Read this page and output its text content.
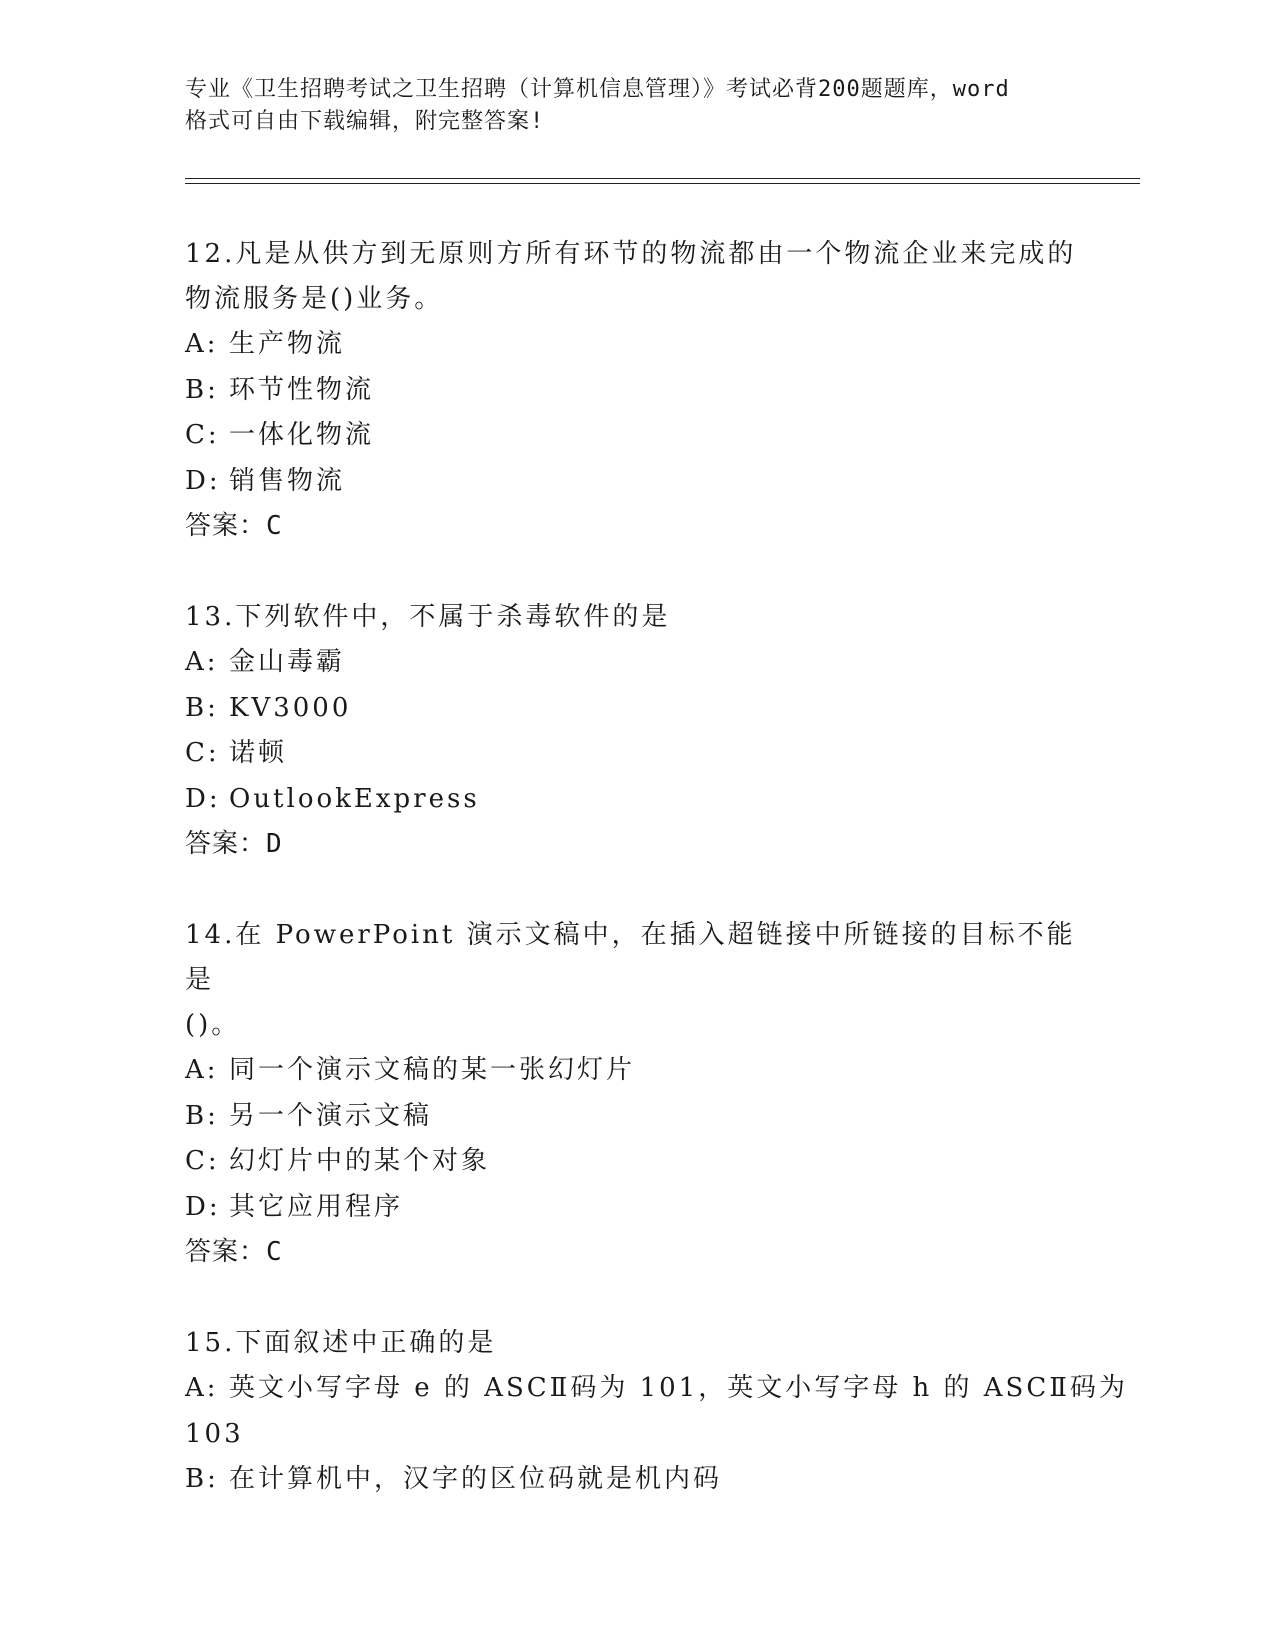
专业《卫生招聘考试之卫生招聘（计算机信息管理）》考试必背200题题库，word
格式可自由下载编辑，附完整答案!

12.凡是从供方到无原则方所有环节的物流都由一个物流企业来完成的

物流服务是()业务。

A: 生产物流

B: 环节性物流

C: 一体化物流

D: 销售物流

答案：C

13.下列软件中，不属于杀毒软件的是

A: 金山毒霸

B: KV3000

C: 诺顿

D: OutlookExpress

答案：D

14.在 PowerPoint 演示文稿中，在插入超链接中所链接的目标不能是

()。

A: 同一个演示文稿的某一张幻灯片

B: 另一个演示文稿

C: 幻灯片中的某个对象

D: 其它应用程序

答案：C

15.下面叙述中正确的是

A: 英文小写字母 e 的 ASCⅡ码为 101，英文小写字母 h 的 ASCⅡ码为

103

B: 在计算机中，汉字的区位码就是机内码
